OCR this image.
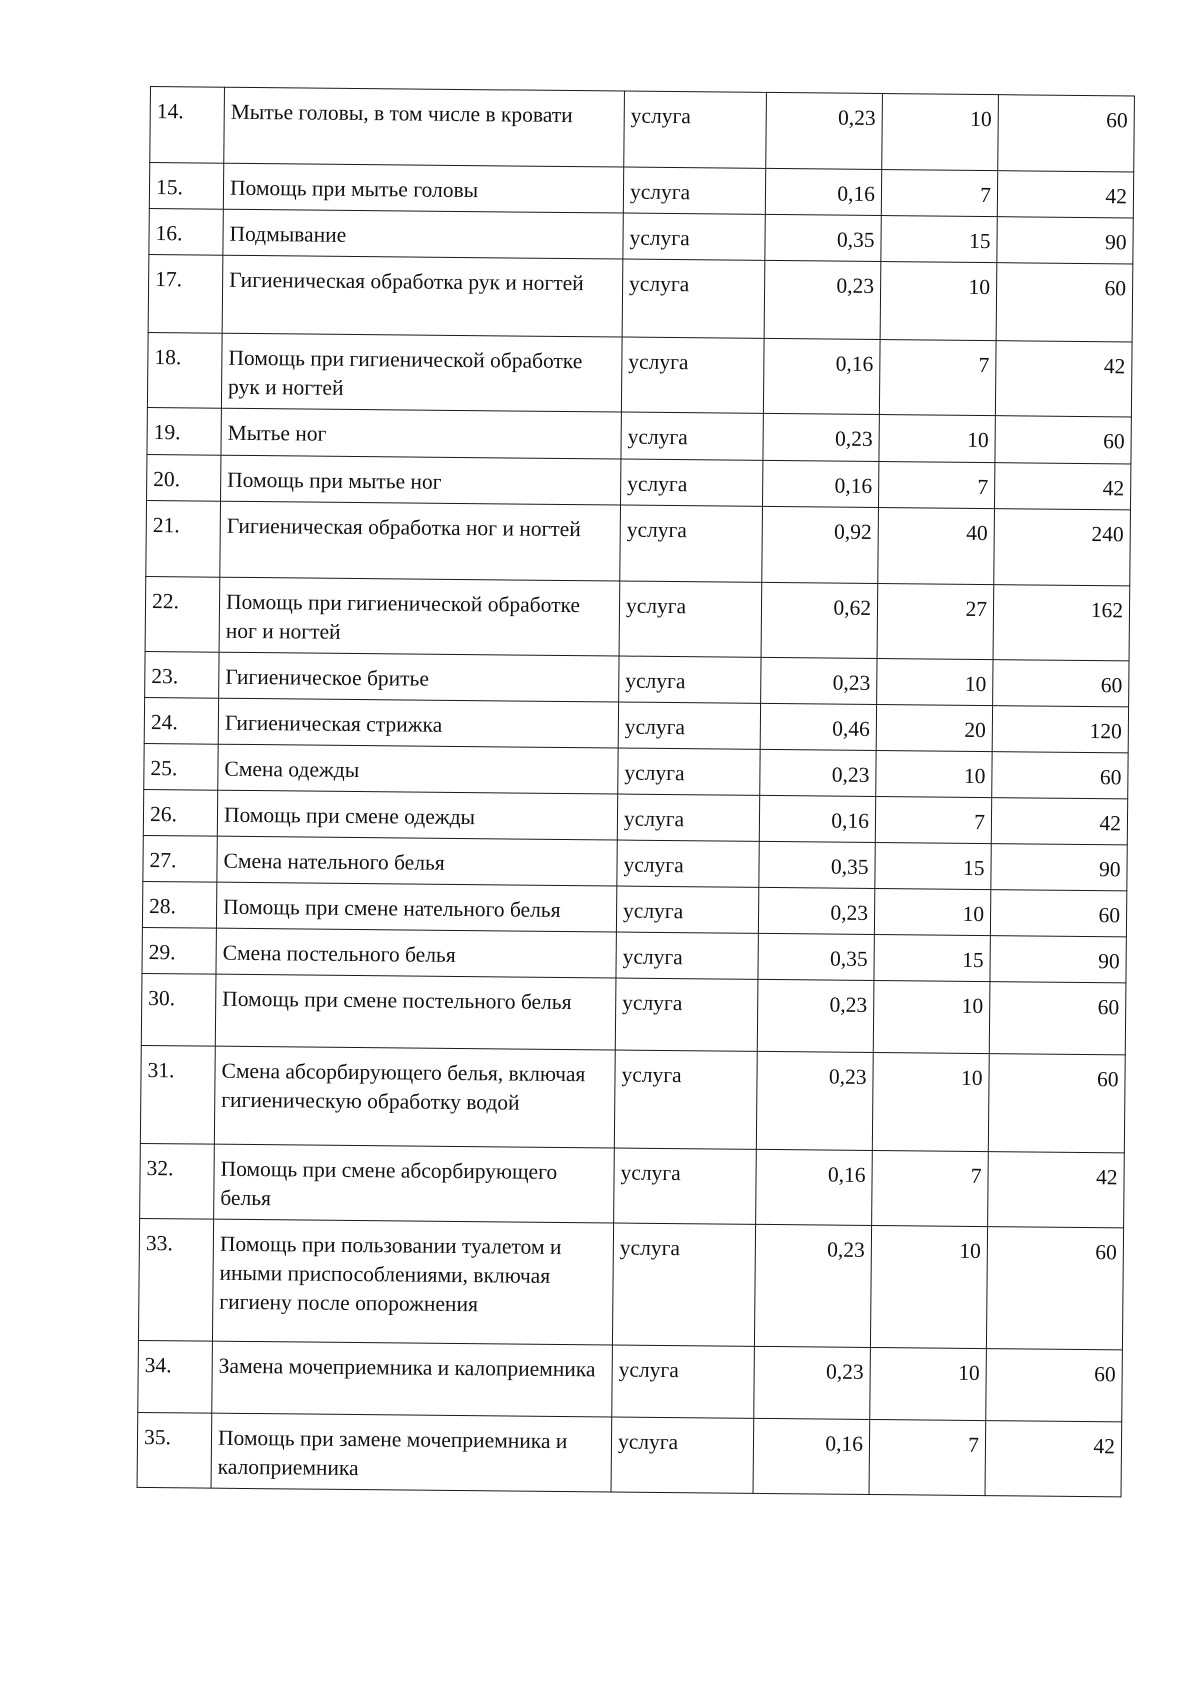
14.	Мытье головы, в том числе в кровати	услуга	0,23	10	60
15.	Помощь при мытье головы	услуга	0,16	7	42
16.	Подмывание	услуга	0,35	15	90
17.	Гигиеническая обработка рук и ногтей	услуга	0,23	10	60
18.	Помощь при гигиенической обработке рук и ногтей	услуга	0,16	7	42
19.	Мытье ног	услуга	0,23	10	60
20.	Помощь при мытье ног	услуга	0,16	7	42
21.	Гигиеническая обработка ног и ногтей	услуга	0,92	40	240
22.	Помощь при гигиенической обработке ног и ногтей	услуга	0,62	27	162
23.	Гигиеническое бритье	услуга	0,23	10	60
24.	Гигиеническая стрижка	услуга	0,46	20	120
25.	Смена одежды	услуга	0,23	10	60
26.	Помощь при смене одежды	услуга	0,16	7	42
27.	Смена нательного белья	услуга	0,35	15	90
28.	Помощь при смене нательного белья	услуга	0,23	10	60
29.	Смена постельного белья	услуга	0,35	15	90
30.	Помощь при смене постельного белья	услуга	0,23	10	60
31.	Смена абсорбирующего белья, включая гигиеническую обработку водой	услуга	0,23	10	60
32.	Помощь при смене абсорбирующего белья	услуга	0,16	7	42
33.	Помощь при пользовании туалетом и иными приспособлениями, включая гигиену после опорожнения	услуга	0,23	10	60
34.	Замена мочеприемника и калоприемника	услуга	0,23	10	60
35.	Помощь при замене мочеприемника и калоприемника	услуга	0,16	7	42
